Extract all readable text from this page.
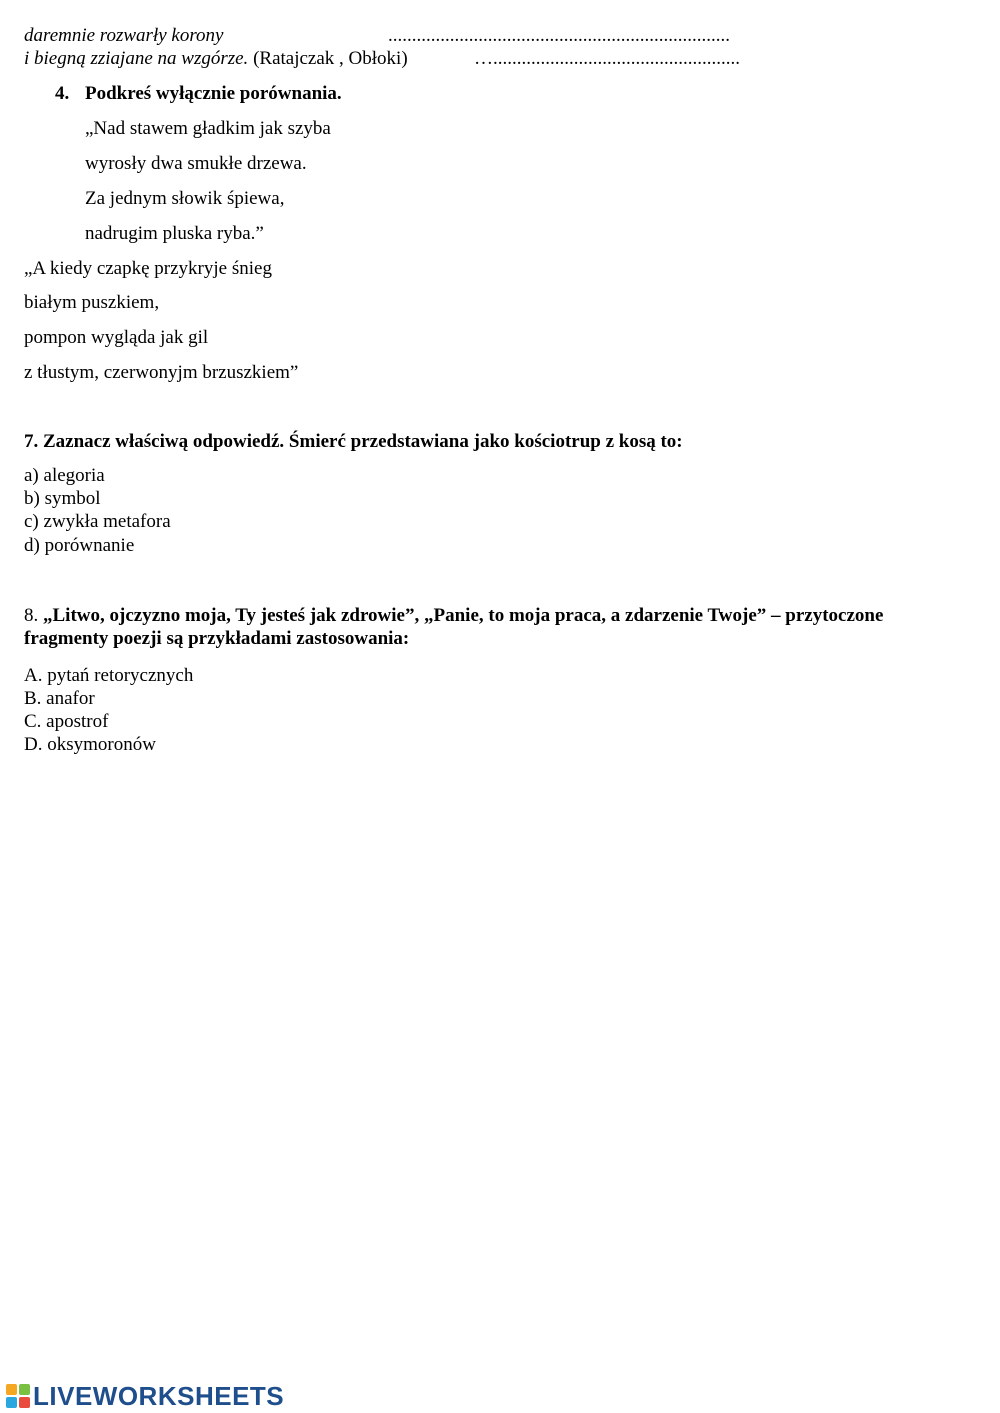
daremnie rozwarły korony	........................................................................
i biegną zziajane na wzgórze. (Ratajczak , Obłoki)	…....................................................
4. Podkreś wyłącznie porównania.
„Nad stawem gładkim jak szyba
wyrosły dwa smukłe drzewa.
Za jednym słowik śpiewa,
nadrugim pluska ryba.”
„A kiedy czapkę przykryje śnieg
białym puszkiem,
pompon wygląda jak gil
z tłustym, czerwonyjm brzuszkiem”
7. Zaznacz właściwą odpowiedź. Śmierć przedstawiana jako kościotrup z kosą to:
a) alegoria
b) symbol
c) zwykła metafora
d) porównanie
8. „Litwo, ojczyzno moja, Ty jesteś jak zdrowie”, „Panie, to moja praca, a zdarzenie Twoje” – przytoczone fragmenty poezji są przykładami zastosowania:
A. pytań retorycznych
B. anafor
C. apostrof
D. oksymoronów
LIVEWORKSHEETS
